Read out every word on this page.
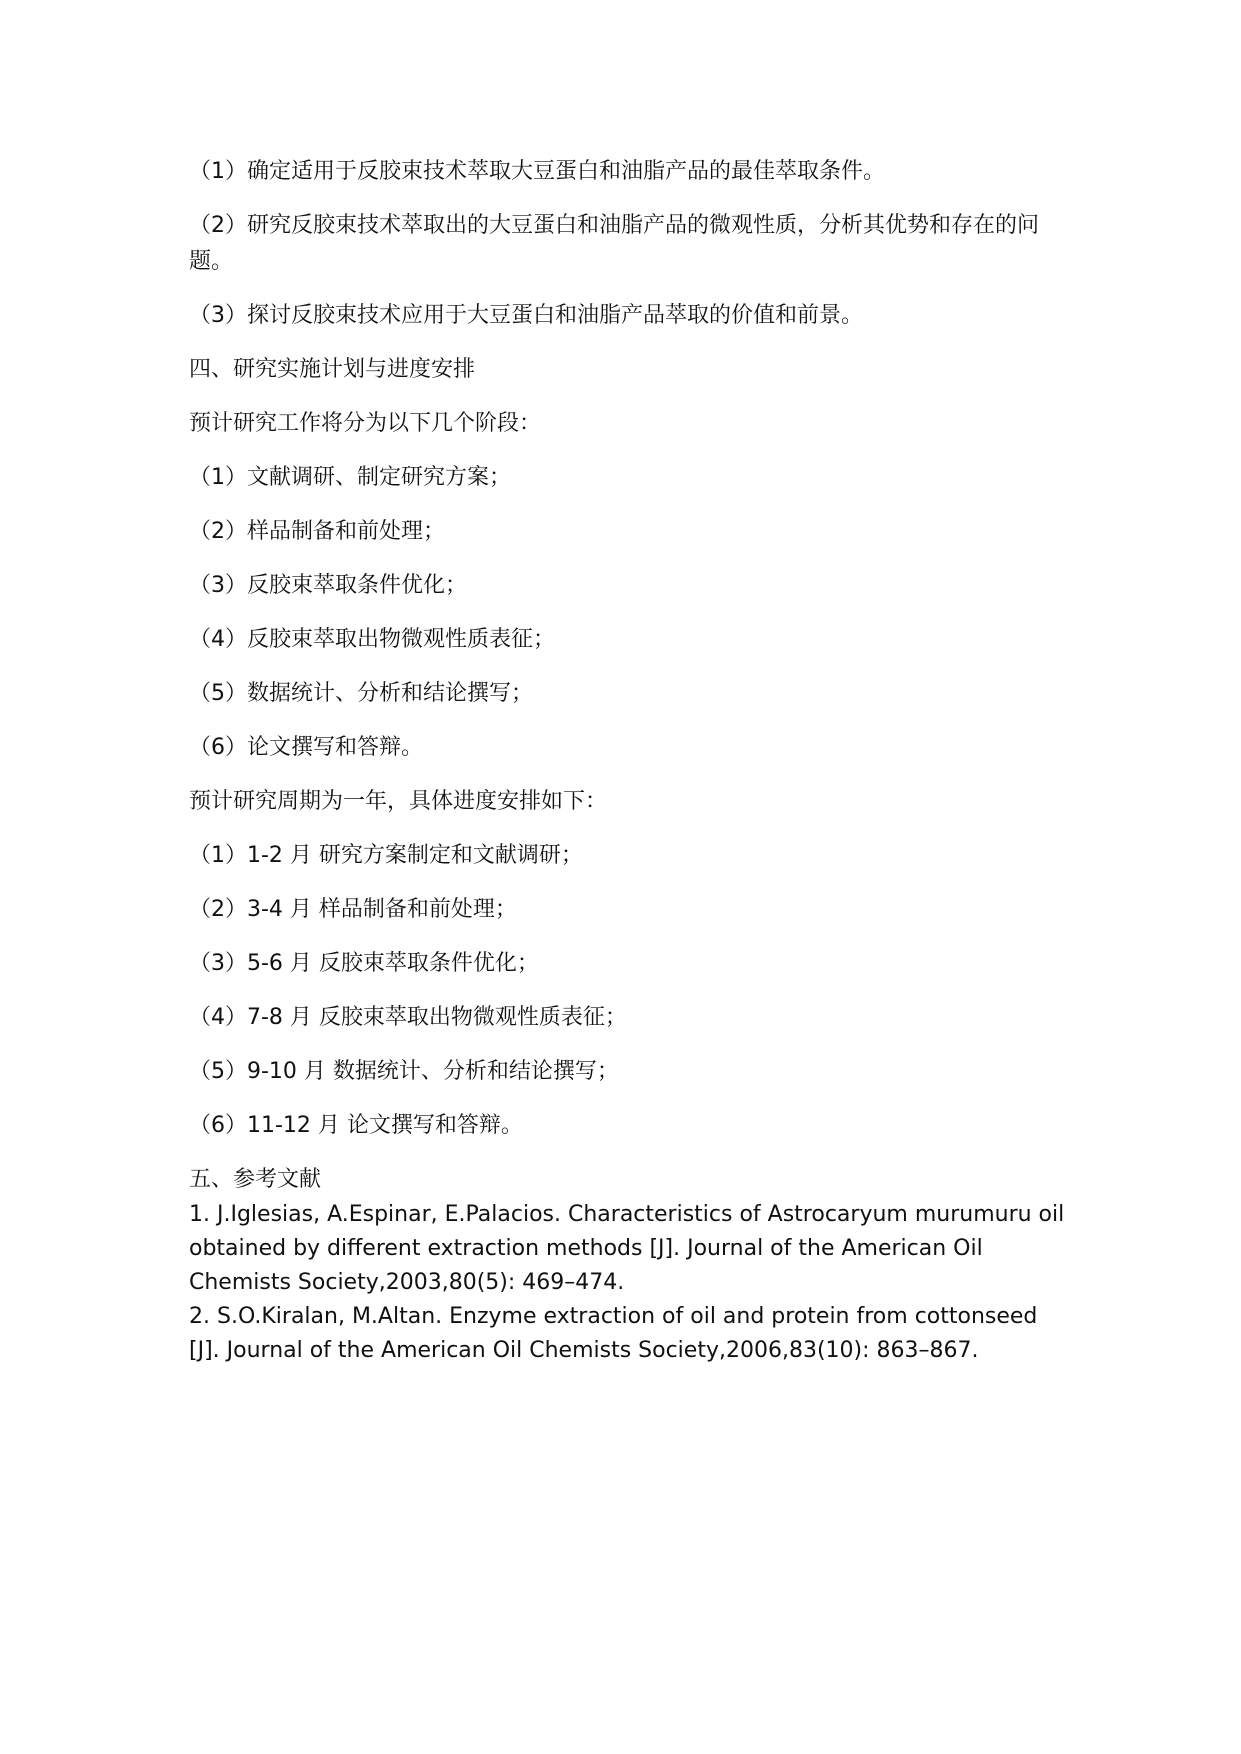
（1）确定适用于反胶束技术萃取大豆蛋白和油脂产品的最佳萃取条件。

（2）研究反胶束技术萃取出的大豆蛋白和油脂产品的微观性质，分析其优势和存在的问题。

（3）探讨反胶束技术应用于大豆蛋白和油脂产品萃取的价值和前景。

四、研究实施计划与进度安排

预计研究工作将分为以下几个阶段：

（1）文献调研、制定研究方案；

（2）样品制备和前处理；

（3）反胶束萃取条件优化；

（4）反胶束萃取出物微观性质表征；

（5）数据统计、分析和结论撰写；

（6）论文撰写和答辩。

预计研究周期为一年，具体进度安排如下：

（1）1-2 月 研究方案制定和文献调研；

（2）3-4 月 样品制备和前处理；

（3）5-6 月 反胶束萃取条件优化；

（4）7-8 月 反胶束萃取出物微观性质表征；

（5）9-10 月 数据统计、分析和结论撰写；

（6）11-12 月 论文撰写和答辩。

五、参考文献

1. J.Iglesias, A.Espinar, E.Palacios. Characteristics of Astrocaryum murumuru oil obtained by different extraction methods [J]. Journal of the American Oil Chemists Society,2003,80(5): 469–474.

2. S.O.Kiralan, M.Altan. Enzyme extraction of oil and protein from cottonseed [J]. Journal of the American Oil Chemists Society,2006,83(10): 863–867.
